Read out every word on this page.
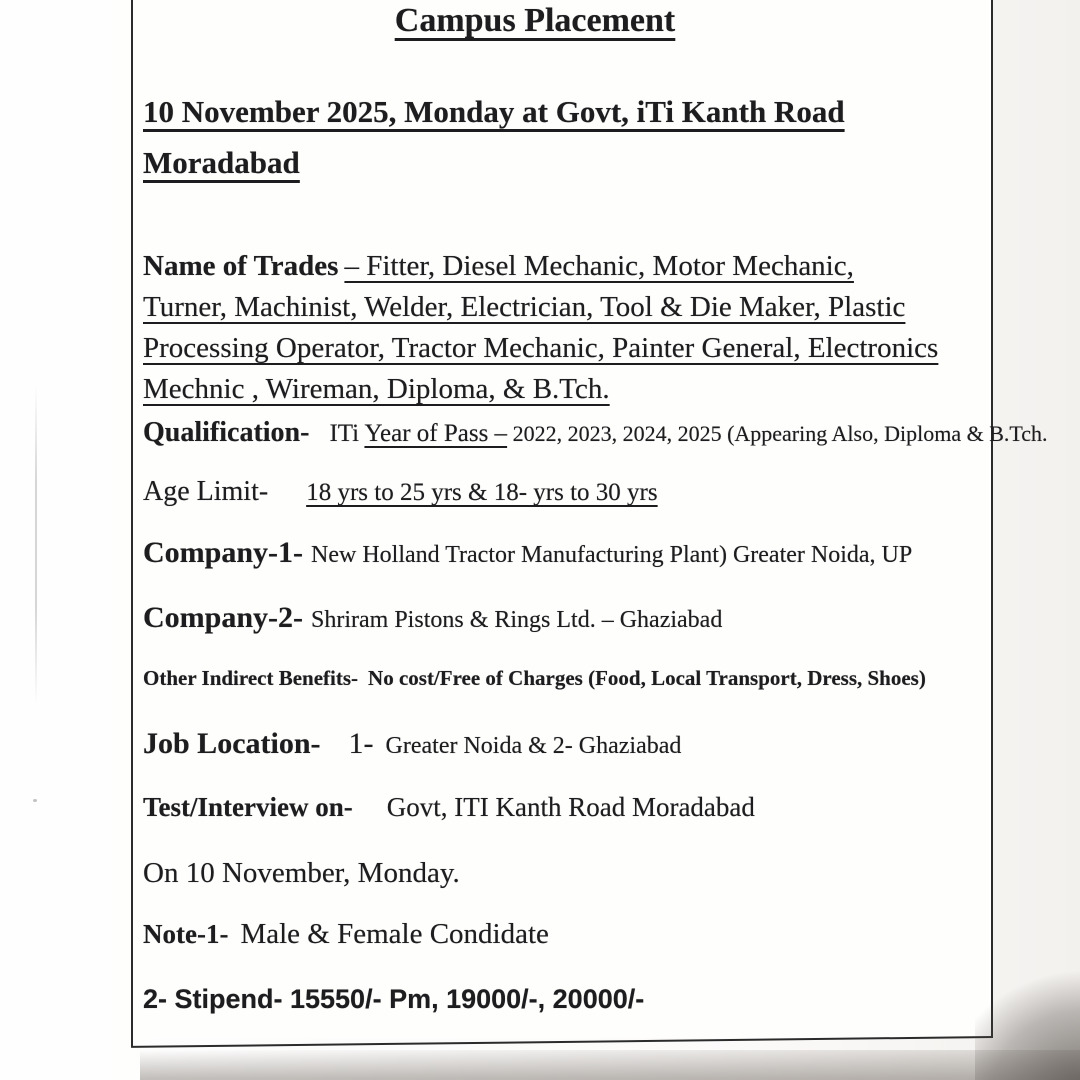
Campus Placement
10 November 2025, Monday at Govt, iTi Kanth Road
Moradabad
Name of Trades – Fitter, Diesel Mechanic, Motor Mechanic,
Turner, Machinist, Welder, Electrician, Tool & Die Maker, Plastic
Processing Operator, Tractor Mechanic, Painter General, Electronics
Mechnic , Wireman, Diploma, & B.Tch.
Qualification- ITi Year of Pass – 2022, 2023, 2024, 2025 (Appearing Also, Diploma & B.Tch.
Age Limit- 18 yrs to 25 yrs & 18- yrs to 30 yrs
Company-1- New Holland Tractor Manufacturing Plant) Greater Noida, UP
Company-2- Shriram Pistons & Rings Ltd. – Ghaziabad
Other Indirect Benefits- No cost/Free of Charges (Food, Local Transport, Dress, Shoes)
Job Location- 1- Greater Noida & 2- Ghaziabad
Test/Interview on- Govt, ITI Kanth Road Moradabad
On 10 November, Monday.
Note-1- Male & Female Condidate
2- Stipend- 15550/- Pm, 19000/-, 20000/-
